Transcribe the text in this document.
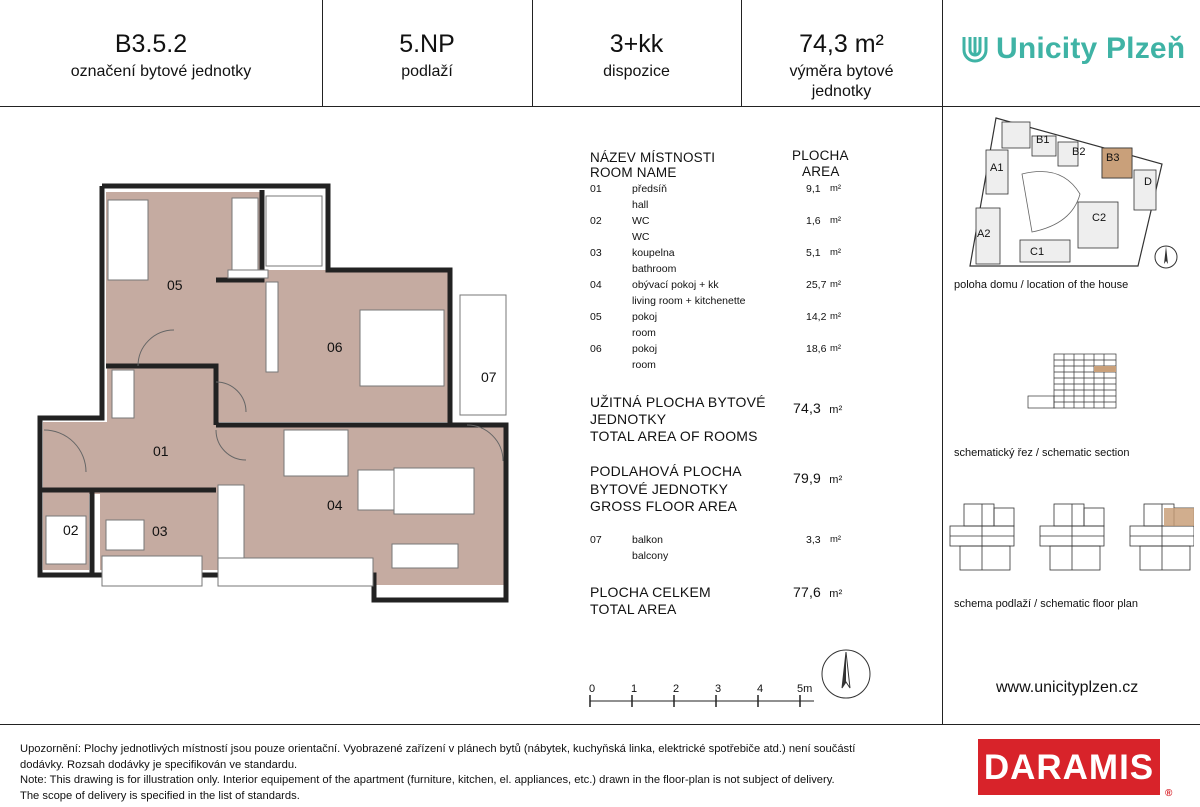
B3.5.2
označení bytové jednotky
5.NP
podlaží
3+kk
dispozice
74,3 m²
výměra bytové
jednotky
Unicity Plzeň
05
06
07
01
02	03
04
NÁZEV MÍSTNOSTI
ROOM NAME
PLOCHA
AREA
01	předsíň
hall
9,1 m²
02	WC
WC
1,6 m²
03	koupelna
bathroom
5,1 m²
04	obývací pokoj + kk
living room + kitchenette
25,7 m²
05	pokoj
room
14,2 m²
06	pokoj
room
18,6 m²
UŽITNÁ PLOCHA BYTOVÉ
JEDNOTKY
TOTAL AREA OF ROOMS
74,3 m²
PODLAHOVÁ PLOCHA
BYTOVÉ JEDNOTKY
GROSS FLOOR AREA
79,9 m²
07	balkon
balcony
3,3 m²
PLOCHA CELKEM
TOTAL AREA
77,6 m²
0	1	2	3	4	5m
B1
B2 B3
A1
A2
C1
C2
D
poloha domu / location of the house
schematický řez / schematic section
schema podlaží / schematic floor plan
www.unicityplzen.cz
Upozornění: Plochy jednotlivých místností jsou pouze orientační. Vyobrazené zařízení v plánech bytů (nábytek, kuchyňská linka, elektrické spotřebiče atd.) není součástí
dodávky. Rozsah dodávky je specifikován ve standardu.
Note: This drawing is for illustration only. Interior equipement of the apartment (furniture, kitchen, el. appliances, etc.) drawn in the floor-plan is not subject of delivery.
The scope of delivery is specified in the list of standards.
DARAMIS
®
